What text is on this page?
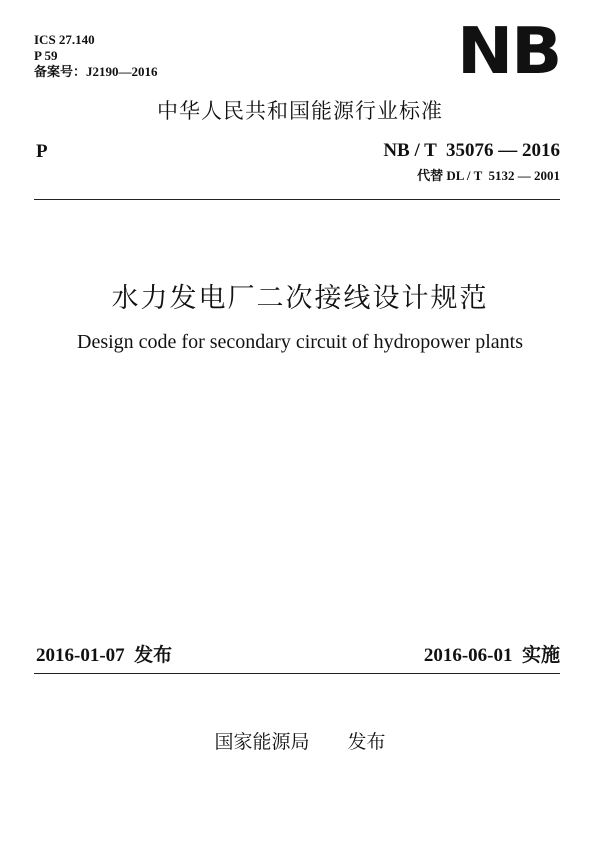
ICS 27.140
P 59
备案号：J2190—2016	NB
中华人民共和国能源行业标准
P	NB / T  35076 — 2016
代替 DL / T  5132 — 2001
水力发电厂二次接线设计规范
Design code for secondary circuit of hydropower plants
2016-01-07  发布	2016-06-01  实施
国家能源局 发布
